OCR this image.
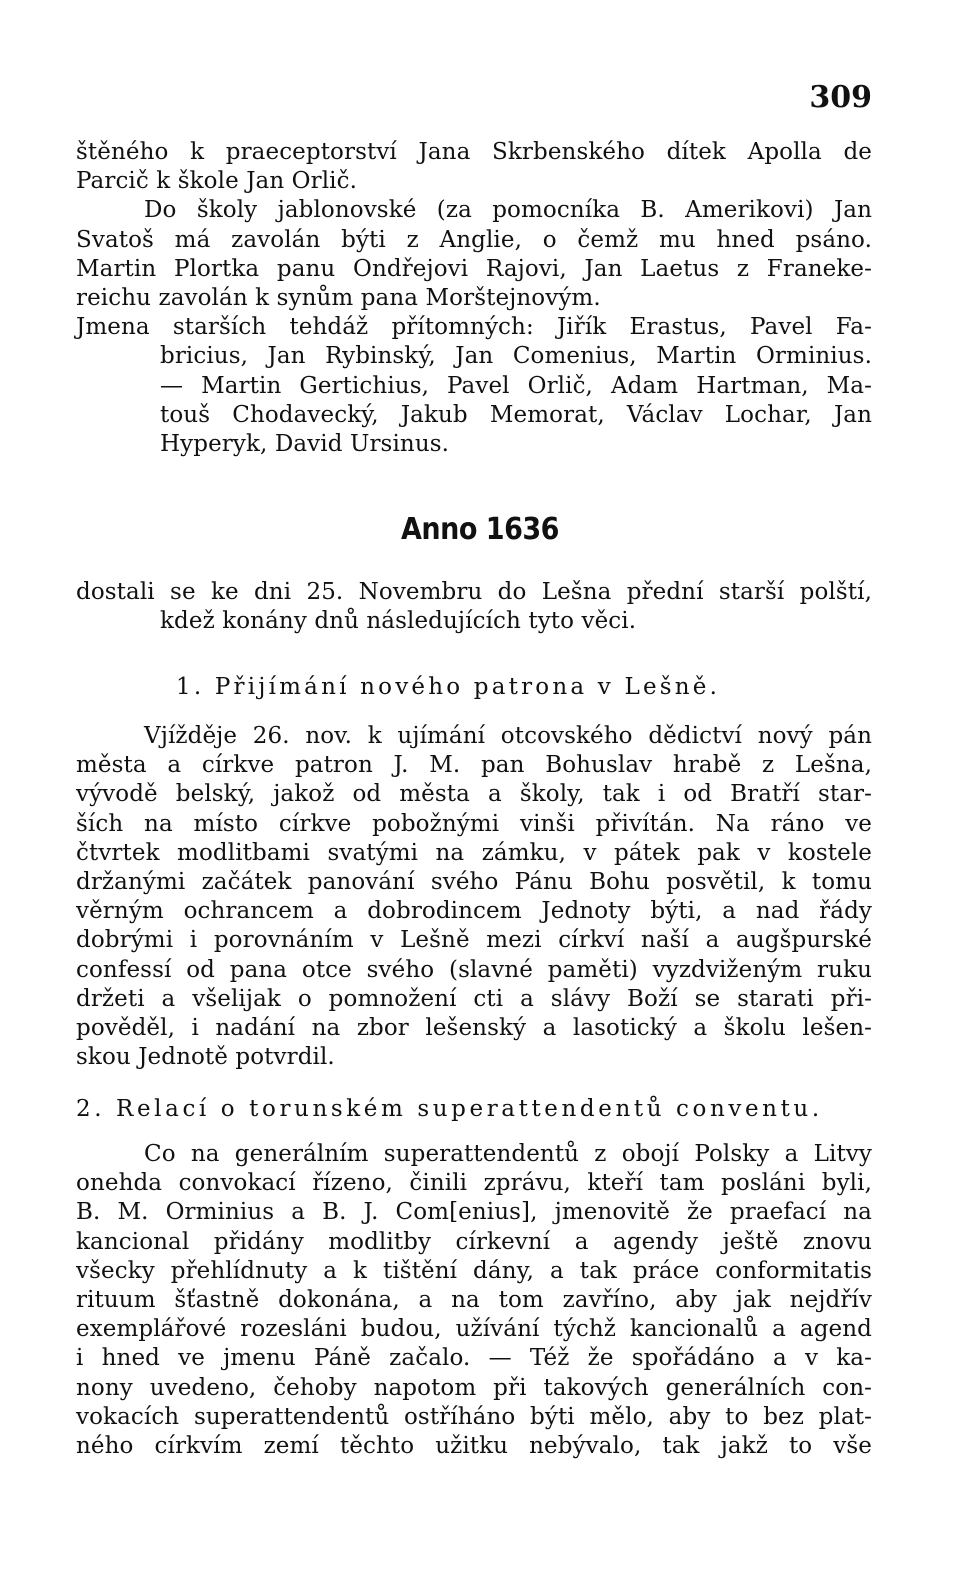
309
štěného k praeceptorství Jana Skrbenského dítek Apolla de
Parcič k škole Jan Orlič.
Do školy jablonovské (za pomocníka B. Amerikovi) Jan
Svatoš má zavolán býti z Anglie, o čemž mu hned psáno.
Martin Plortka panu Ondřejovi Rajovi, Jan Laetus z Franeke-
reichu zavolán k synům pana Morštejnovým.
Jmena starších tehdáž přítomných: Jiřík Erastus, Pavel Fa-
bricius, Jan Rybinský, Jan Comenius, Martin Orminius.
— Martin Gertichius, Pavel Orlič, Adam Hartman, Ma-
touš Chodavecký, Jakub Memorat, Václav Lochar, Jan
Hyperyk, David Ursinus.
Anno 1636
dostali se ke dni 25. Novembru do Lešna přední starší polští,
kdež konány dnů následujících tyto věci.
1. Přijímání nového patrona v Lešně.
Vjížděje 26. nov. k ujímání otcovského dědictví nový pán
města a církve patron J. M. pan Bohuslav hrabě z Lešna,
vývodě belský, jakož od města a školy, tak i od Bratří star-
ších na místo církve pobožnými vinši přivítán. Na ráno ve
čtvrtek modlitbami svatými na zámku, v pátek pak v kostele
držanými začátek panování svého Pánu Bohu posvětil, k tomu
věrným ochrancem a dobrodincem Jednoty býti, a nad řády
dobrými i porovnáním v Lešně mezi církví naší a augšpurské
confessí od pana otce svého (slavné paměti) vyzdviženým ruku
držeti a všelijak o pomnožení cti a slávy Boží se starati při-
pověděl, i nadání na zbor lešenský a lasotický a školu lešen-
skou Jednotě potvrdil.
2. Relací o torunském superattendentů conventu.
Co na generálním superattendentů z obojí Polsky a Litvy
onehda convokací řízeno, činili zprávu, kteří tam posláni byli,
B. M. Orminius a B. J. Com[enius], jmenovitě že praefací na
kancional přidány modlitby církevní a agendy ještě znovu
všecky přehlídnuty a k tištění dány, a tak práce conformitatis
rituum šťastně dokonána, a na tom zavříno, aby jak nejdřív
exemplářové rozesláni budou, užívání týchž kancionalů a agend
i hned ve jmenu Páně začalo. — Též že spořádáno a v ka-
nony uvedeno, čehoby napotom při takových generálních con-
vokacích superattendentů ostříháno býti mělo, aby to bez plat-
ného církvím zemí těchto užitku nebývalo, tak jakž to vše
